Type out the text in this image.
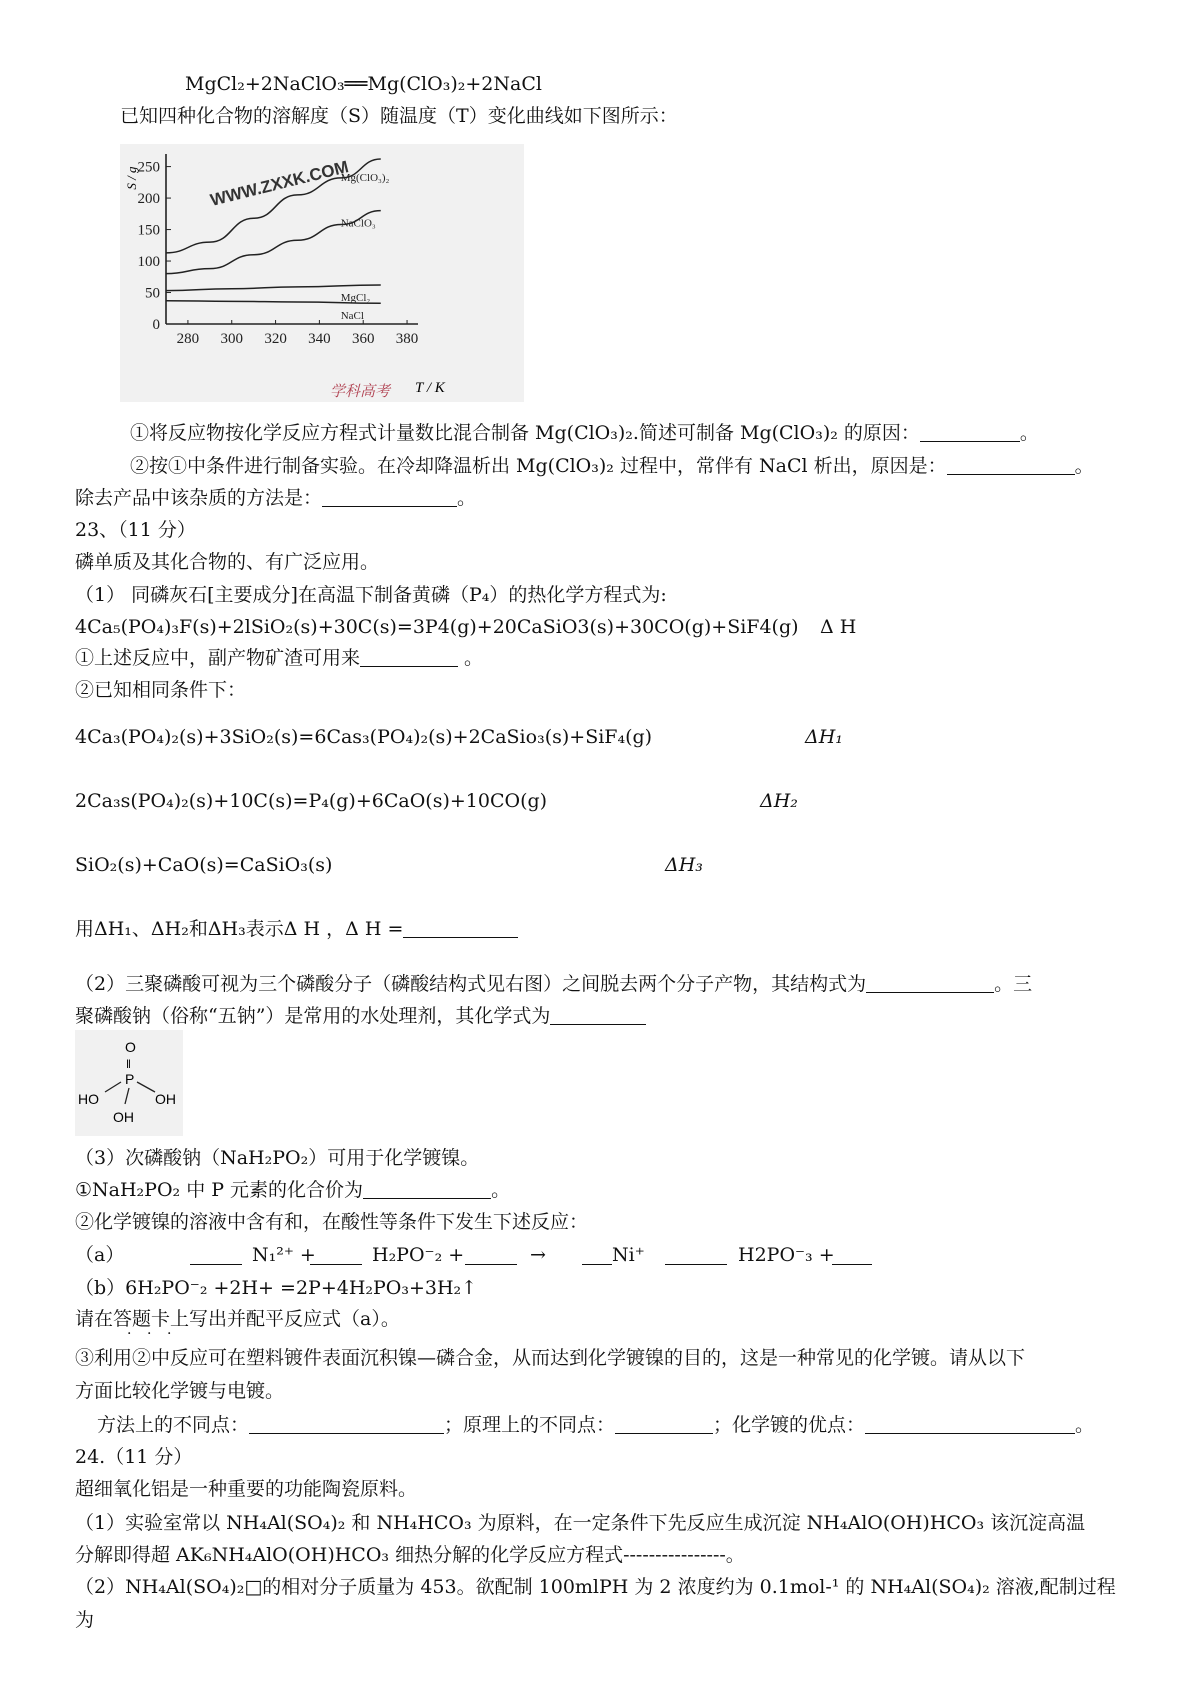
MgCl₂+2NaClO₃══Mg(ClO₃)₂+2NaCl
已知四种化合物的溶解度（S）随温度（T）变化曲线如下图所示：
Mg(ClO₃)₂
NaClO₃
MgCl₂
NaCl
0
50
100
150
200
250
280 300 320 340 360 380
WWW.ZXXK.COM
学科高考
S / g
T / K
①将反应物按化学反应方程式计量数比混合制备 Mg(ClO₃)₂.简述可制备 Mg(ClO₃)₂ 的原因：	。
②按①中条件进行制备实验。在冷却降温析出 Mg(ClO₃)₂ 过程中，常伴有 NaCl 析出，原因是：	。
除去产品中该杂质的方法是：	。
23、（11 分）
磷单质及其化合物的、有广泛应用。
（1） 同磷灰石[主要成分]在高温下制备黄磷（P₄）的热化学方程式为:
4Ca₅(PO₄)₃F(s)+2lSiO₂(s)+30C(s)=3P4(g)+20CaSiO3(s)+30CO(g)+SiF4(g) Δ H
①上述反应中，副产物矿渣可用来	。
②已知相同条件下：
4Ca₃(PO₄)₂(s)+3SiO₂(s)=6Cas₃(PO₄)₂(s)+2CaSio₃(s)+SiF₄(g)	ΔH₁
2Ca₃s(PO₄)₂(s)+10C(s)=P₄(g)+6CaO(s)+10CO(g)	ΔH₂
SiO₂(s)+CaO(s)=CaSiO₃(s)	ΔH₃
用ΔH₁、ΔH₂和ΔH₃表示Δ H ，Δ H =
（2）三聚磷酸可视为三个磷酸分子（磷酸结构式见右图）之间脱去两个分子产物，其结构式为	。三
聚磷酸钠（俗称“五钠”）是常用的水处理剂，其化学式为
O
‖
P
HO	OH
OH
（3）次磷酸钠（NaH₂PO₂）可用于化学镀镍。
①NaH₂PO₂ 中 P 元素的化合价为	。
②化学镀镍的溶液中含有和，在酸性等条件下发生下述反应：
（a）	N₁²⁺ +	H₂PO⁻₂ +	→	Ni⁺	H2PO⁻₃ +
（b）6H₂PO⁻₂ +2H+ =2P+4H₂PO₃+3H₂↑
请在答题卡上写出并配平反应式（a）。
· · ·
③利用②中反应可在塑料镀件表面沉积镍—磷合金，从而达到化学镀镍的目的，这是一种常见的化学镀。请从以下
方面比较化学镀与电镀。
方法上的不同点：	；原理上的不同点：	；化学镀的优点：	。
24.（11 分）
超细氧化铝是一种重要的功能陶瓷原料。
（1）实验室常以 NH₄Al(SO₄)₂ 和 NH₄HCO₃ 为原料，在一定条件下先反应生成沉淀 NH₄AlO(OH)HCO₃ 该沉淀高温
分解即得超 AK₆NH₄AlO(OH)HCO₃ 细热分解的化学反应方程式----------------。
（2）NH₄Al(SO₄)₂□的相对分子质量为 453。欲配制 100mlPH 为 2 浓度约为 0.1mol-¹ 的 NH₄Al(SO₄)₂ 溶液,配制过程
为
